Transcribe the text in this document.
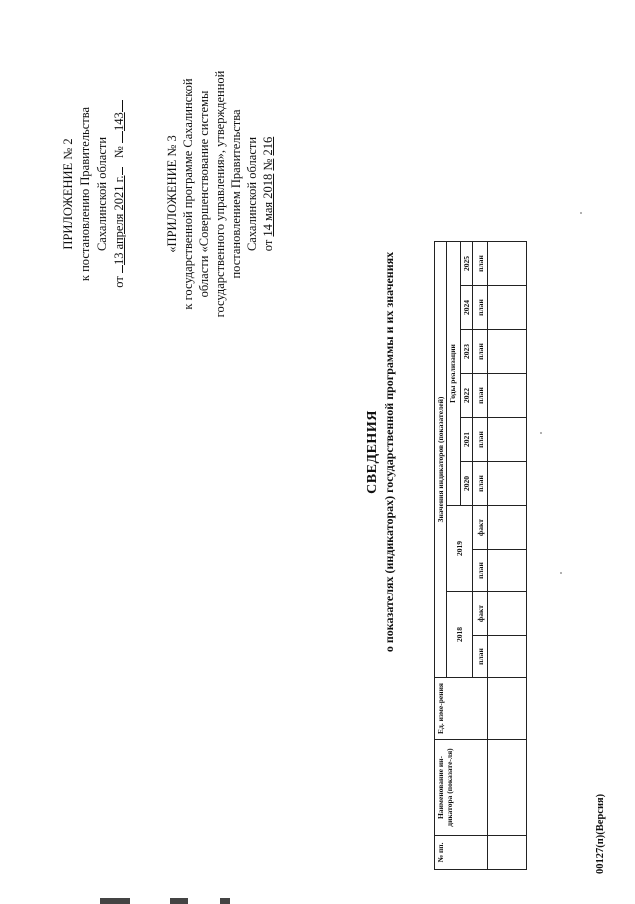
ПРИЛОЖЕНИЕ № 2 к постановлению Правительства Сахалинской области
от 13 апреля 2021 г.   № 143
«ПРИЛОЖЕНИЕ № 3 к государственной программе Сахалинской области «Совершенствование системы государственного управления», утвержденной постановлением Правительства Сахалинской области от 14 мая 2018 № 216
СВЕДЕНИЯ о показателях (индикаторах) государственной программы и их значениях
№ пп.	Наименование ин-дикатора (показате-ля)	Ед. изме-рения	Значения индикаторов (показателей)									
			2018		2019		Годы реализации					
							2020	2021	2022	2023	2024	2025
			план	факт	план	факт	план	план	план	план	план	план

00127(п)(Версия)
